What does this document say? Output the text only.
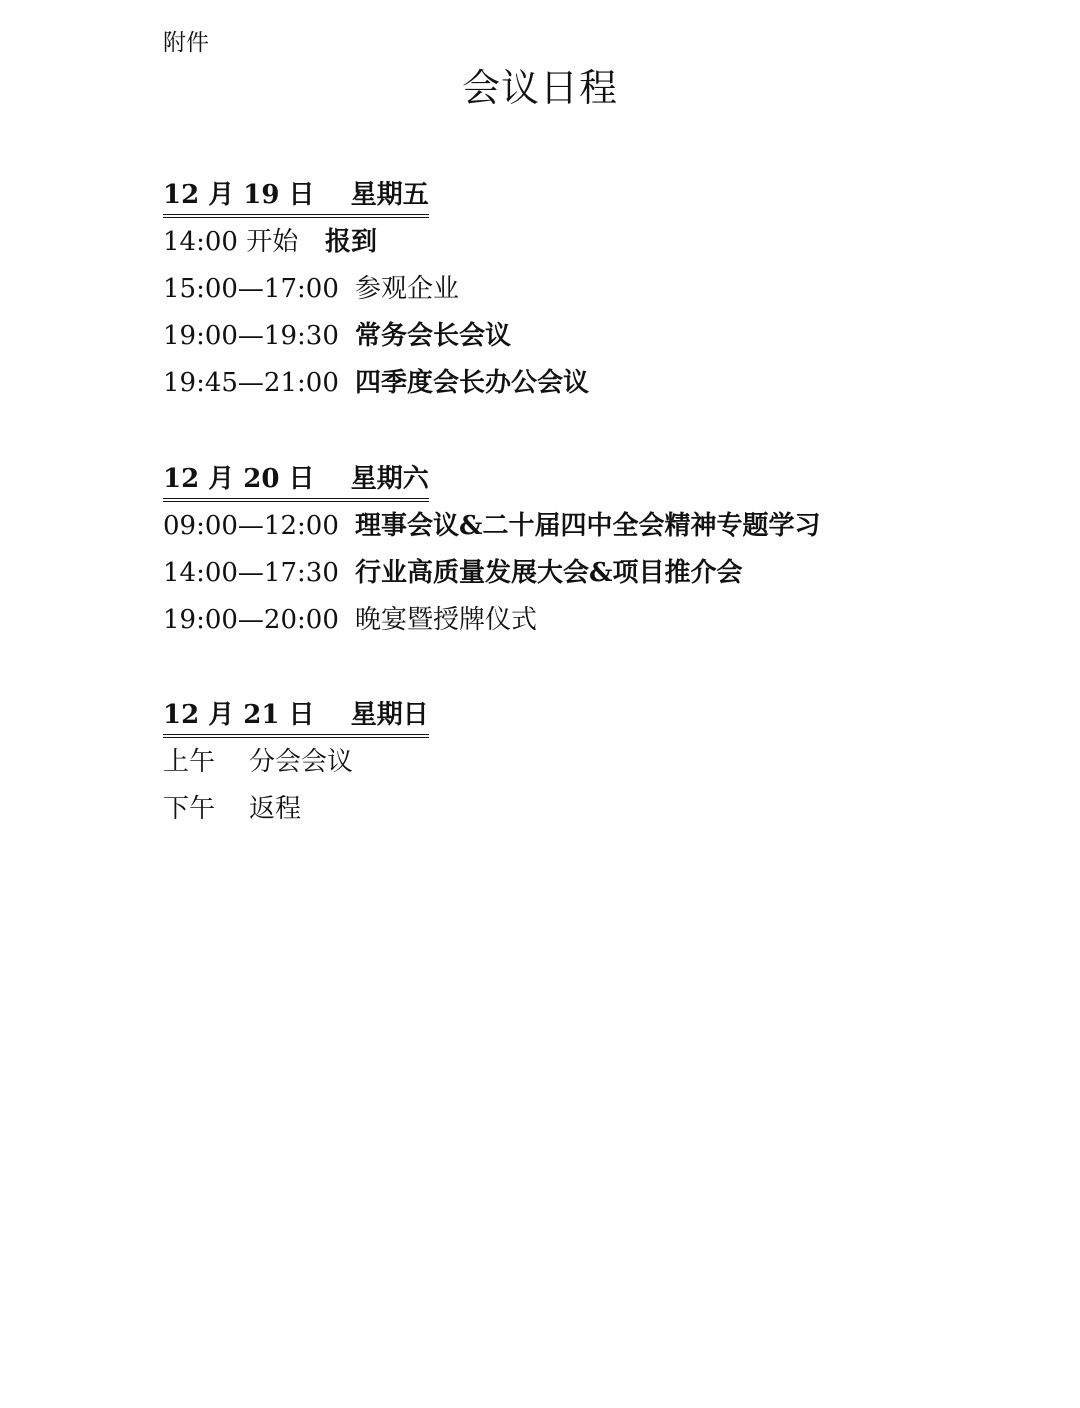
附件
会议日程
12 月 19 日    星期五
14:00 开始	报到
15:00—17:00 参观企业
19:00—19:30 常务会长会议
19:45—21:00 四季度会长办公会议
12 月 20 日    星期六
09:00—12:00 理事会议&二十届四中全会精神专题学习
14:00—17:30 行业高质量发展大会&项目推介会
19:00—20:00 晚宴暨授牌仪式
12 月 21 日    星期日
上午	分会会议
下午	返程
